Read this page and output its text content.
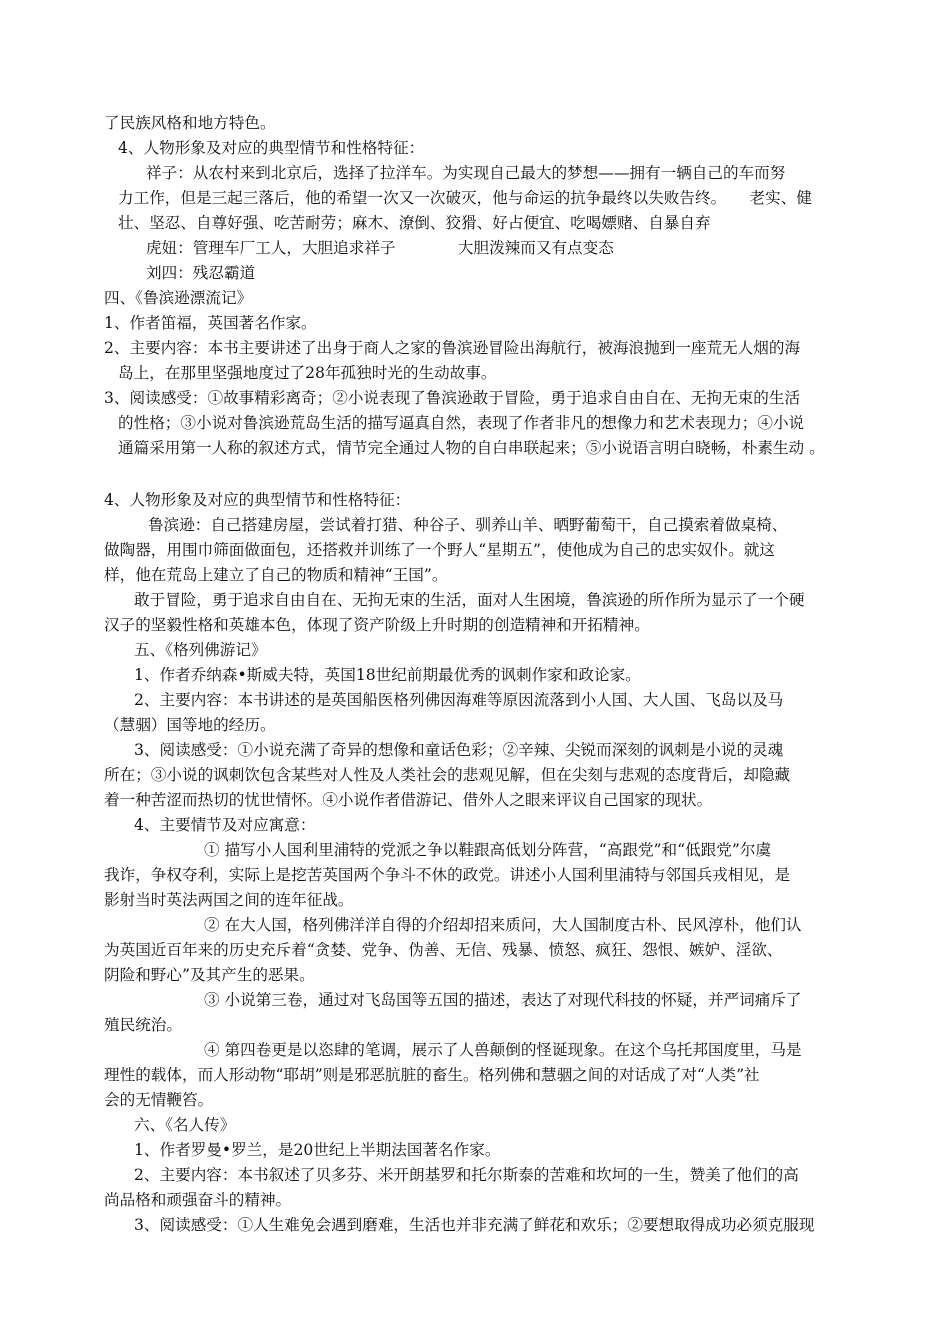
了民族风格和地方特色。

4、人物形象及对应的典型情节和性格特征：

祥子：从农村来到北京后，选择了拉洋车。为实现自己最大的梦想——拥有一辆自己的车而努

力工作，但是三起三落后，他的希望一次又一次破灭，他与命运的抗争最终以失败告终。　　老实、健

壮、坚忍、自尊好强、吃苦耐劳；麻木、潦倒、狡猾、好占便宜、吃喝嫖赌、自暴自弃

虎妞：管理车厂工人，大胆追求祥子　　　　大胆泼辣而又有点变态

刘四：残忍霸道

四、《鲁滨逊漂流记》

1、作者笛福，英国著名作家。

2、主要内容：本书主要讲述了出身于商人之家的鲁滨逊冒险出海航行，被海浪抛到一座荒无人烟的海

岛上，在那里坚强地度过了28年孤独时光的生动故事。

3、阅读感受：①故事精彩离奇；②小说表现了鲁滨逊敢于冒险，勇于追求自由自在、无拘无束的生活

的性格；③小说对鲁滨逊荒岛生活的描写逼真自然，表现了作者非凡的想像力和艺术表现力；④小说

通篇采用第一人称的叙述方式，情节完全通过人物的自白串联起来；⑤小说语言明白晓畅，朴素生动 。

4、人物形象及对应的典型情节和性格特征：

鲁滨逊：自己搭建房屋，尝试着打猎、种谷子、驯养山羊、晒野葡萄干，自己摸索着做桌椅、

做陶器，用围巾筛面做面包，还搭救并训练了一个野人“星期五”，使他成为自己的忠实奴仆。就这

样，他在荒岛上建立了自己的物质和精神“王国”。

敢于冒险，勇于追求自由自在、无拘无束的生活，面对人生困境，鲁滨逊的所作所为显示了一个硬

汉子的坚毅性格和英雄本色，体现了资产阶级上升时期的创造精神和开拓精神。

五、《格列佛游记》

1、作者乔纳森•斯威夫特，英国18世纪前期最优秀的讽刺作家和政论家。

2、主要内容：本书讲述的是英国船医格列佛因海难等原因流落到小人国、大人国、飞岛以及马

（慧骃）国等地的经历。

3、阅读感受：①小说充满了奇异的想像和童话色彩；②辛辣、尖锐而深刻的讽刺是小说的灵魂

所在；③小说的讽刺饮包含某些对人性及人类社会的悲观见解，但在尖刻与悲观的态度背后，却隐藏

着一种苦涩而热切的忧世情怀。④小说作者借游记、借外人之眼来评议自己国家的现状。

4、主要情节及对应寓意：

① 描写小人国利里浦特的党派之争以鞋跟高低划分阵营，“高跟党”和“低跟党”尔虞

我诈，争权夺利，实际上是挖苦英国两个争斗不休的政党。讲述小人国利里浦特与邻国兵戎相见，是

影射当时英法两国之间的连年征战。

② 在大人国，格列佛洋洋自得的介绍却招来质问，大人国制度古朴、民风淳朴，他们认

为英国近百年来的历史充斥着“贪婪、党争、伪善、无信、残暴、愤怒、疯狂、怨恨、嫉妒、淫欲、

阴险和野心”及其产生的恶果。

③ 小说第三卷，通过对飞岛国等五国的描述，表达了对现代科技的怀疑，并严词痛斥了

殖民统治。

④ 第四卷更是以恣肆的笔调，展示了人兽颠倒的怪诞现象。在这个乌托邦国度里，马是

理性的载体，而人形动物“耶胡”则是邪恶肮脏的畜生。格列佛和慧骃之间的对话成了对“人类”社

会的无情鞭笞。

六、《名人传》

1、作者罗曼•罗兰，是20世纪上半期法国著名作家。

2、主要内容：本书叙述了贝多芬、米开朗基罗和托尔斯泰的苦难和坎坷的一生，赞美了他们的高

尚品格和顽强奋斗的精神。

3、阅读感受：①人生难免会遇到磨难，生活也并非充满了鲜花和欢乐；②要想取得成功必须克服现
